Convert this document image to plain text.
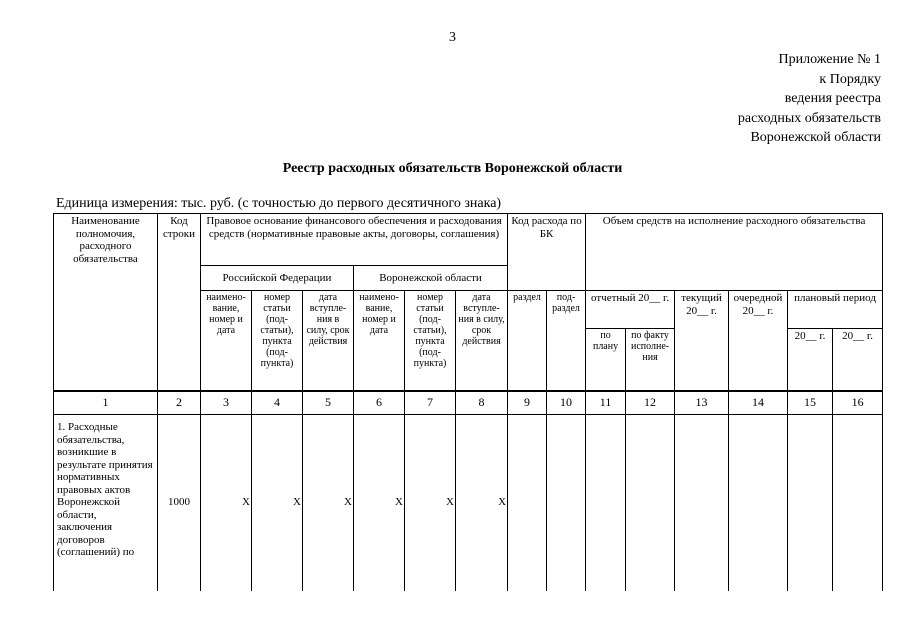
3
Приложение № 1
к Порядку
ведения реестра
расходных обязательств
Воронежской области
Реестр расходных обязательств Воронежской области
Единица измерения: тыс. руб. (с точностью до первого десятичного знака)
Наименование полномочия, расходного обязательства	Код строки	Правовое основание финансового обеспечения и расходования средств (нормативные правовые акты, договоры, соглашения)						Код расхода по БК		Объем средств на исполнение расходного обязательства					
		Российской Федерации			Воронежской области										
		наимено-вание, номер и дата	номер статьи (под-статьи), пункта (под-пункта)	дата вступле-ния в силу, срок действия	наимено-вание, номер и дата	номер статьи (под-статьи), пункта (под-пункта)	дата вступле-ния в силу, срок действия	раздел	под-раздел	отчетный 20__ г.		текущий 20__ г.	очередной 20__ г.	плановый период	
										по плану	по факту исполне-ния			20__ г.	20__ г.
1	2	3	4	5	6	7	8	9	10	11	12	13	14	15	16
1. Расходные обязательства, возникшие в результате принятия нормативных правовых актов Воронежской области, заключения договоров (соглашений) по	1000	X	X	X	X	X	X								
